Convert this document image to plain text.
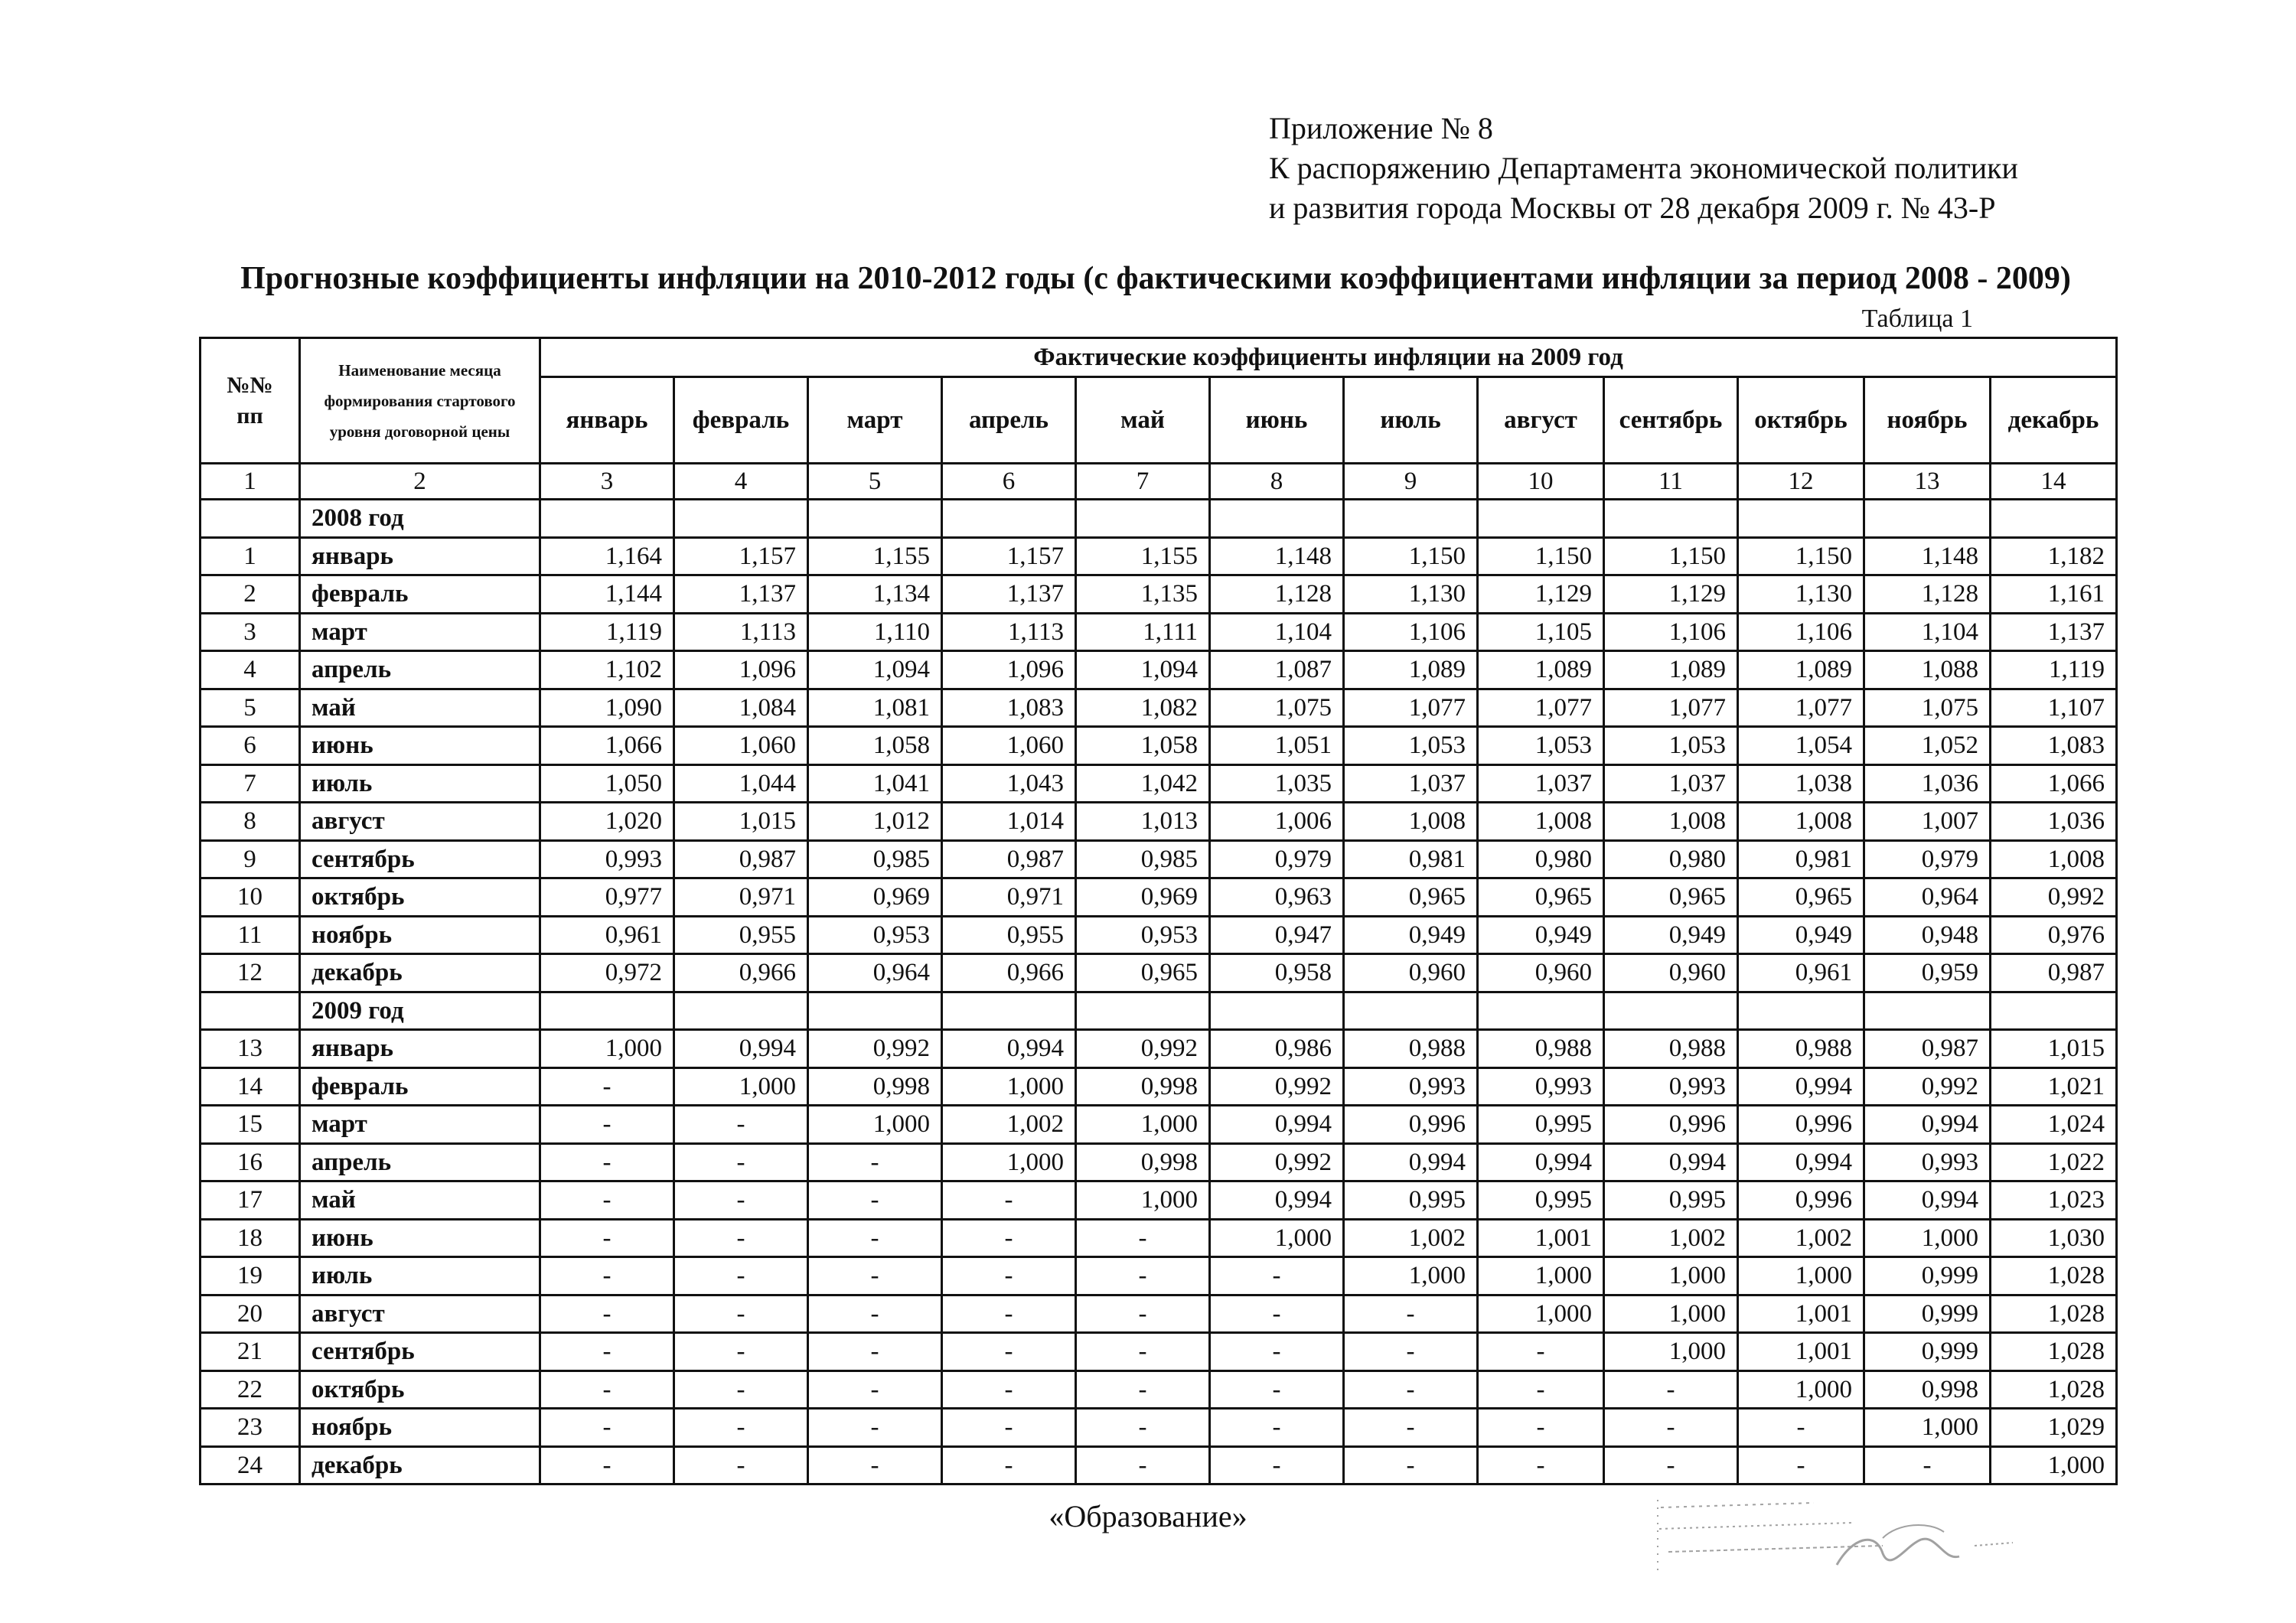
Приложение № 8
К распоряжению Департамента экономической политики
и развития города Москвы от 28 декабря 2009 г. № 43-Р
Прогнозные коэффициенты инфляции на 2010-2012 годы (с фактическими коэффициентами инфляции за период 2008 - 2009)
Таблица 1
№№ пп	Наименование месяца формирования стартового уровня договорной цены	Фактические коэффициенты инфляции на 2009 год											
		январь	февраль	март	апрель	май	июнь	июль	август	сентябрь	октябрь	ноябрь	декабрь
1	2	3	4	5	6	7	8	9	10	11	12	13	14
	2008 год												
1	январь	1,164	1,157	1,155	1,157	1,155	1,148	1,150	1,150	1,150	1,150	1,148	1,182
2	февраль	1,144	1,137	1,134	1,137	1,135	1,128	1,130	1,129	1,129	1,130	1,128	1,161
3	март	1,119	1,113	1,110	1,113	1,111	1,104	1,106	1,105	1,106	1,106	1,104	1,137
4	апрель	1,102	1,096	1,094	1,096	1,094	1,087	1,089	1,089	1,089	1,089	1,088	1,119
5	май	1,090	1,084	1,081	1,083	1,082	1,075	1,077	1,077	1,077	1,077	1,075	1,107
6	июнь	1,066	1,060	1,058	1,060	1,058	1,051	1,053	1,053	1,053	1,054	1,052	1,083
7	июль	1,050	1,044	1,041	1,043	1,042	1,035	1,037	1,037	1,037	1,038	1,036	1,066
8	август	1,020	1,015	1,012	1,014	1,013	1,006	1,008	1,008	1,008	1,008	1,007	1,036
9	сентябрь	0,993	0,987	0,985	0,987	0,985	0,979	0,981	0,980	0,980	0,981	0,979	1,008
10	октябрь	0,977	0,971	0,969	0,971	0,969	0,963	0,965	0,965	0,965	0,965	0,964	0,992
11	ноябрь	0,961	0,955	0,953	0,955	0,953	0,947	0,949	0,949	0,949	0,949	0,948	0,976
12	декабрь	0,972	0,966	0,964	0,966	0,965	0,958	0,960	0,960	0,960	0,961	0,959	0,987
	2009 год												
13	январь	1,000	0,994	0,992	0,994	0,992	0,986	0,988	0,988	0,988	0,988	0,987	1,015
14	февраль	-	1,000	0,998	1,000	0,998	0,992	0,993	0,993	0,993	0,994	0,992	1,021
15	март	-	-	1,000	1,002	1,000	0,994	0,996	0,995	0,996	0,996	0,994	1,024
16	апрель	-	-	-	1,000	0,998	0,992	0,994	0,994	0,994	0,994	0,993	1,022
17	май	-	-	-	-	1,000	0,994	0,995	0,995	0,995	0,996	0,994	1,023
18	июнь	-	-	-	-	-	1,000	1,002	1,001	1,002	1,002	1,000	1,030
19	июль	-	-	-	-	-	-	1,000	1,000	1,000	1,000	0,999	1,028
20	август	-	-	-	-	-	-	-	1,000	1,000	1,001	0,999	1,028
21	сентябрь	-	-	-	-	-	-	-	-	1,000	1,001	0,999	1,028
22	октябрь	-	-	-	-	-	-	-	-	-	1,000	0,998	1,028
23	ноябрь	-	-	-	-	-	-	-	-	-	-	1,000	1,029
24	декабрь	-	-	-	-	-	-	-	-	-	-	-	1,000
«Образование»
